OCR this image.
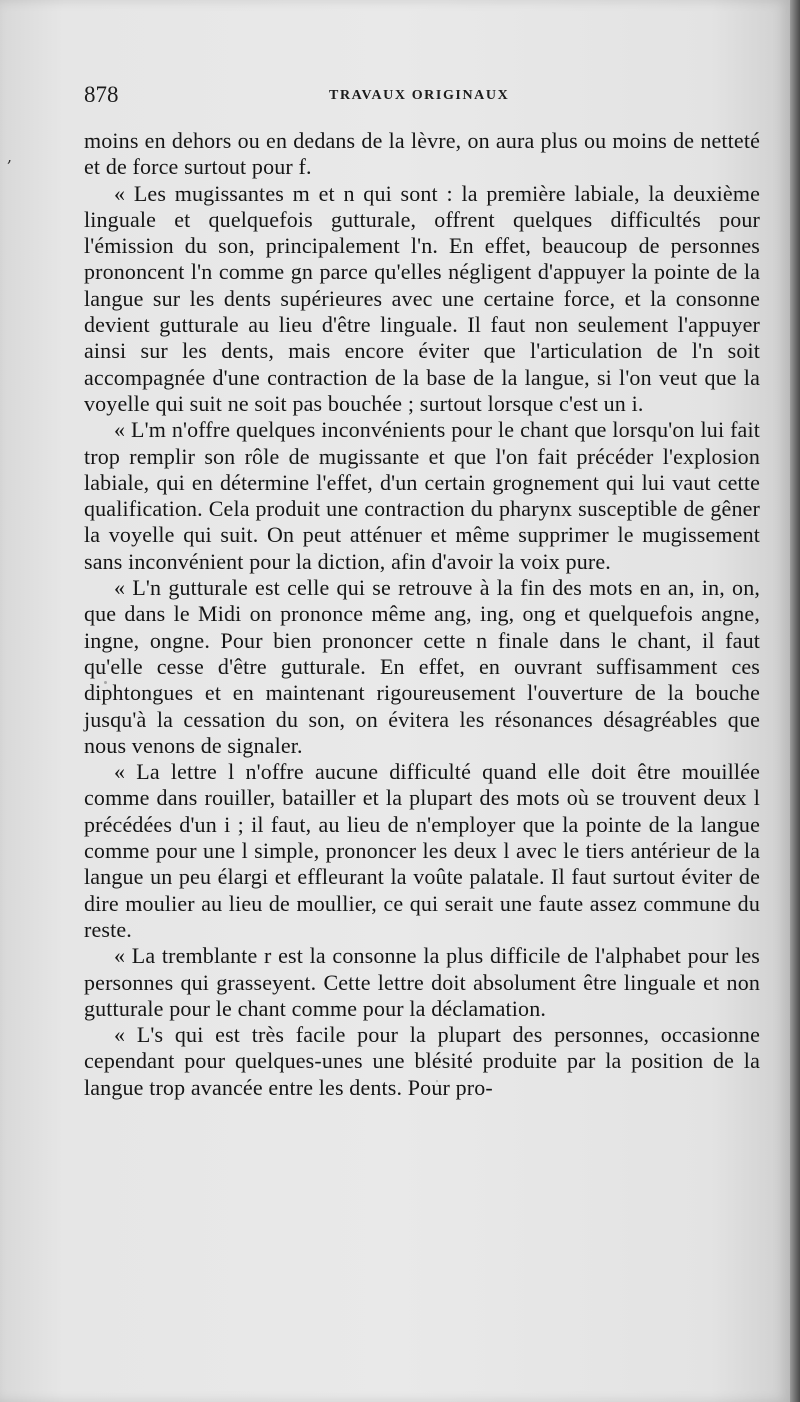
878	TRAVAUX ORIGINAUX
,

moins en dehors ou en dedans de la lèvre, on aura plus ou moins de netteté et de force surtout pour f.

« Les mugissantes m et n qui sont : la première labiale, la deuxième linguale et quelquefois gutturale, offrent quelques difficultés pour l'émission du son, principalement l'n. En effet, beaucoup de personnes prononcent l'n comme gn parce qu'elles négligent d'appuyer la pointe de la langue sur les dents supérieures avec une certaine force, et la consonne devient gutturale au lieu d'être linguale. Il faut non seulement l'appuyer ainsi sur les dents, mais encore éviter que l'articulation de l'n soit accompagnée d'une contraction de la base de la langue, si l'on veut que la voyelle qui suit ne soit pas bouchée ; surtout lorsque c'est un i.

« L'm n'offre quelques inconvénients pour le chant que lorsqu'on lui fait trop remplir son rôle de mugissante et que l'on fait précéder l'explosion labiale, qui en détermine l'effet, d'un certain grognement qui lui vaut cette qualification. Cela produit une contraction du pharynx susceptible de gêner la voyelle qui suit. On peut atténuer et même supprimer le mugissement sans inconvénient pour la diction, afin d'avoir la voix pure.

« L'n gutturale est celle qui se retrouve à la fin des mots en an, in, on, que dans le Midi on prononce même ang, ing, ong et quelquefois angne, ingne, ongne. Pour bien prononcer cette n finale dans le chant, il faut qu'elle cesse d'être gutturale. En effet, en ouvrant suffisamment ces diphtongues et en maintenant rigoureusement l'ouverture de la bouche jusqu'à la cessation du son, on évitera les résonances désagréables que nous venons de signaler.

« La lettre l n'offre aucune difficulté quand elle doit être mouillée comme dans rouiller, batailler et la plupart des mots où se trouvent deux l précédées d'un i ; il faut, au lieu de n'employer que la pointe de la langue comme pour une l simple, prononcer les deux l avec le tiers antérieur de la langue un peu élargi et effleurant la voûte palatale. Il faut surtout éviter de dire moulier au lieu de moullier, ce qui serait une faute assez commune du reste.

« La tremblante r est la consonne la plus difficile de l'alphabet pour les personnes qui grasseyent. Cette lettre doit absolument être linguale et non gutturale pour le chant comme pour la déclamation.

« L's qui est très facile pour la plupart des personnes, occasionne cependant pour quelques-unes une blésité produite par la position de la langue trop avancée entre les dents. Pour pro-
